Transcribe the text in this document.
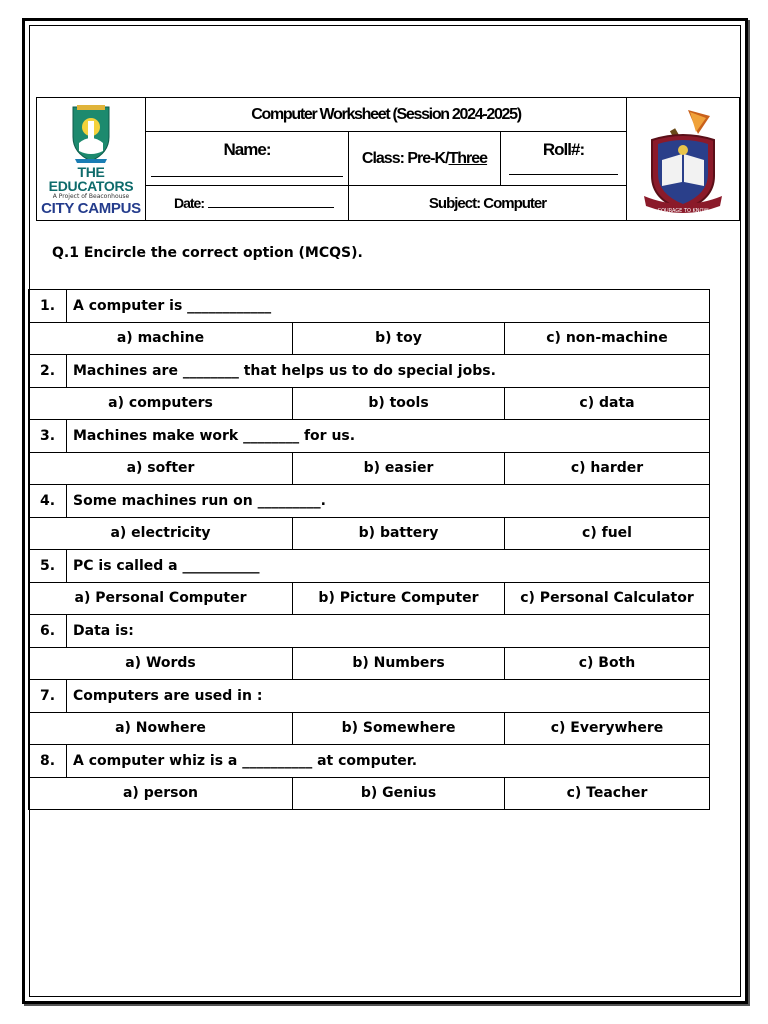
THE EDUCATORS
A Project of Beaconhouse
CITY CAMPUS	Computer Worksheet (Session 2024-2025)			COURAGE TO KNOW

	Name:	Class: Pre-K/Three	Roll#:	

	Date:	Subject: Computer		
Q.1 Encircle the correct option (MCQS).
1.	A computer is ____________		
a) machine		b) toy	c) non-machine
2.	Machines are ________ that helps us to do special jobs.		
a) computers		b) tools	c) data
3.	Machines make work ________ for us.		
a) softer		b) easier	c) harder
4.	Some machines run on _________.		
a) electricity		b) battery	c) fuel
5.	PC is called a ___________		
a) Personal Computer		b) Picture Computer	c) Personal Calculator
6.	Data is:		
a) Words		b) Numbers	c) Both
7.	Computers are used in :		
a) Nowhere		b) Somewhere	c) Everywhere
8.	A computer whiz is a __________ at computer.		
a) person		b) Genius	c) Teacher
